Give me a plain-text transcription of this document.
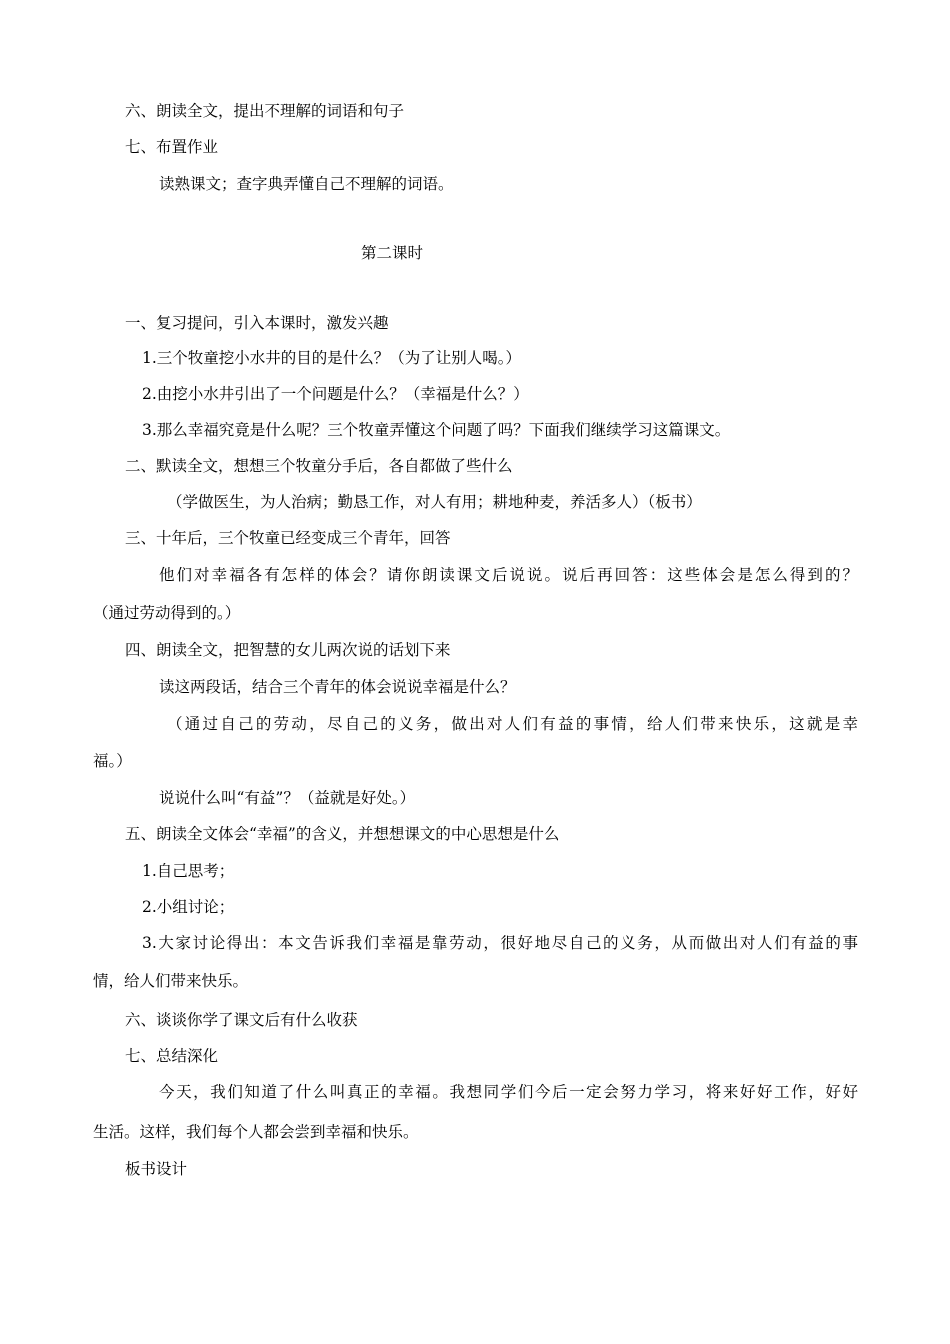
六、朗读全文，提出不理解的词语和句子

七、布置作业

读熟课文；查字典弄懂自己不理解的词语。

第二课时

一、复习提问，引入本课时，激发兴趣

1.三个牧童挖小水井的目的是什么？（为了让别人喝。）

2.由挖小水井引出了一个问题是什么？（幸福是什么？）

3.那么幸福究竟是什么呢？三个牧童弄懂这个问题了吗？下面我们继续学习这篇课文。

二、默读全文，想想三个牧童分手后，各自都做了些什么

（学做医生，为人治病；勤恳工作，对人有用；耕地种麦，养活多人）（板书）

三、十年后，三个牧童已经变成三个青年，回答

他们对幸福各有怎样的体会？请你朗读课文后说说。说后再回答：这些体会是怎么得到的？

（通过劳动得到的。）

四、朗读全文，把智慧的女儿两次说的话划下来

读这两段话，结合三个青年的体会说说幸福是什么？

（通过自己的劳动，尽自己的义务，做出对人们有益的事情，给人们带来快乐，这就是幸

福。）

说说什么叫“有益”？（益就是好处。）

五、朗读全文体会“幸福”的含义，并想想课文的中心思想是什么

1.自己思考；

2.小组讨论；

3.大家讨论得出：本文告诉我们幸福是靠劳动，很好地尽自己的义务，从而做出对人们有益的事

情，给人们带来快乐。

六、谈谈你学了课文后有什么收获

七、总结深化

今天，我们知道了什么叫真正的幸福。我想同学们今后一定会努力学习，将来好好工作，好好

生活。这样，我们每个人都会尝到幸福和快乐。

板书设计
